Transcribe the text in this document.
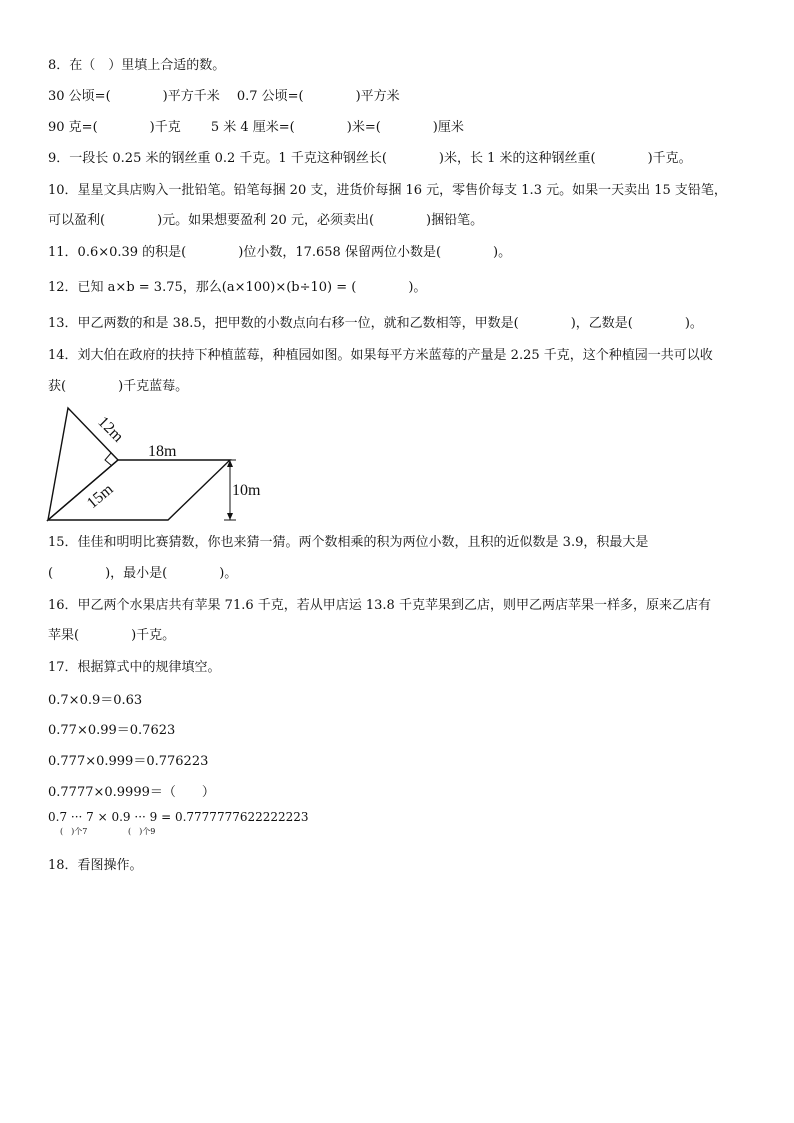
8．在（　）里填上合适的数。
30 公顷=(　　　　)平方千米　 0.7 公顷=(　　　　)平方米
90 克=(　　　　)千克　　 5 米 4 厘米=(　　　　)米=(　　　　)厘米
9．一段长 0.25 米的钢丝重 0.2 千克。1 千克这种钢丝长(　　　　)米，长 1 米的这种钢丝重(　　　　)千克。
10．星星文具店购入一批铅笔。铅笔每捆 20 支，进货价每捆 16 元，零售价每支 1.3 元。如果一天卖出 15 支铅笔，
可以盈利(　　　　)元。如果想要盈利 20 元，必须卖出(　　　　)捆铅笔。
11．0.6×0.39 的积是(　　　　)位小数，17.658 保留两位小数是(　　　　)。
12．已知 a×b = 3.75，那么(a×100)×(b÷10) = (　　　　)。
13．甲乙两数的和是 38.5，把甲数的小数点向右移一位，就和乙数相等，甲数是(　　　　)，乙数是(　　　　)。
14．刘大伯在政府的扶持下种植蓝莓，种植园如图。如果每平方米蓝莓的产量是 2.25 千克，这个种植园一共可以收
获(　　　　)千克蓝莓。
12m
18m
15m	10m
15．佳佳和明明比赛猜数，你也来猜一猜。两个数相乘的积为两位小数，且积的近似数是 3.9，积最大是
(　　　　)，最小是(　　　　)。
16．甲乙两个水果店共有苹果 71.6 千克，若从甲店运 13.8 千克苹果到乙店，则甲乙两店苹果一样多，原来乙店有
苹果(　　　　)千克。
17．根据算式中的规律填空。
0.7×0.9＝0.63
0.77×0.99＝0.7623
0.777×0.999＝0.776223
0.7777×0.9999＝（　　）
0.7 ··· 7 × 0.9 ··· 9 = 0.7777777622222223
(　)个7	(　)个9
18．看图操作。
